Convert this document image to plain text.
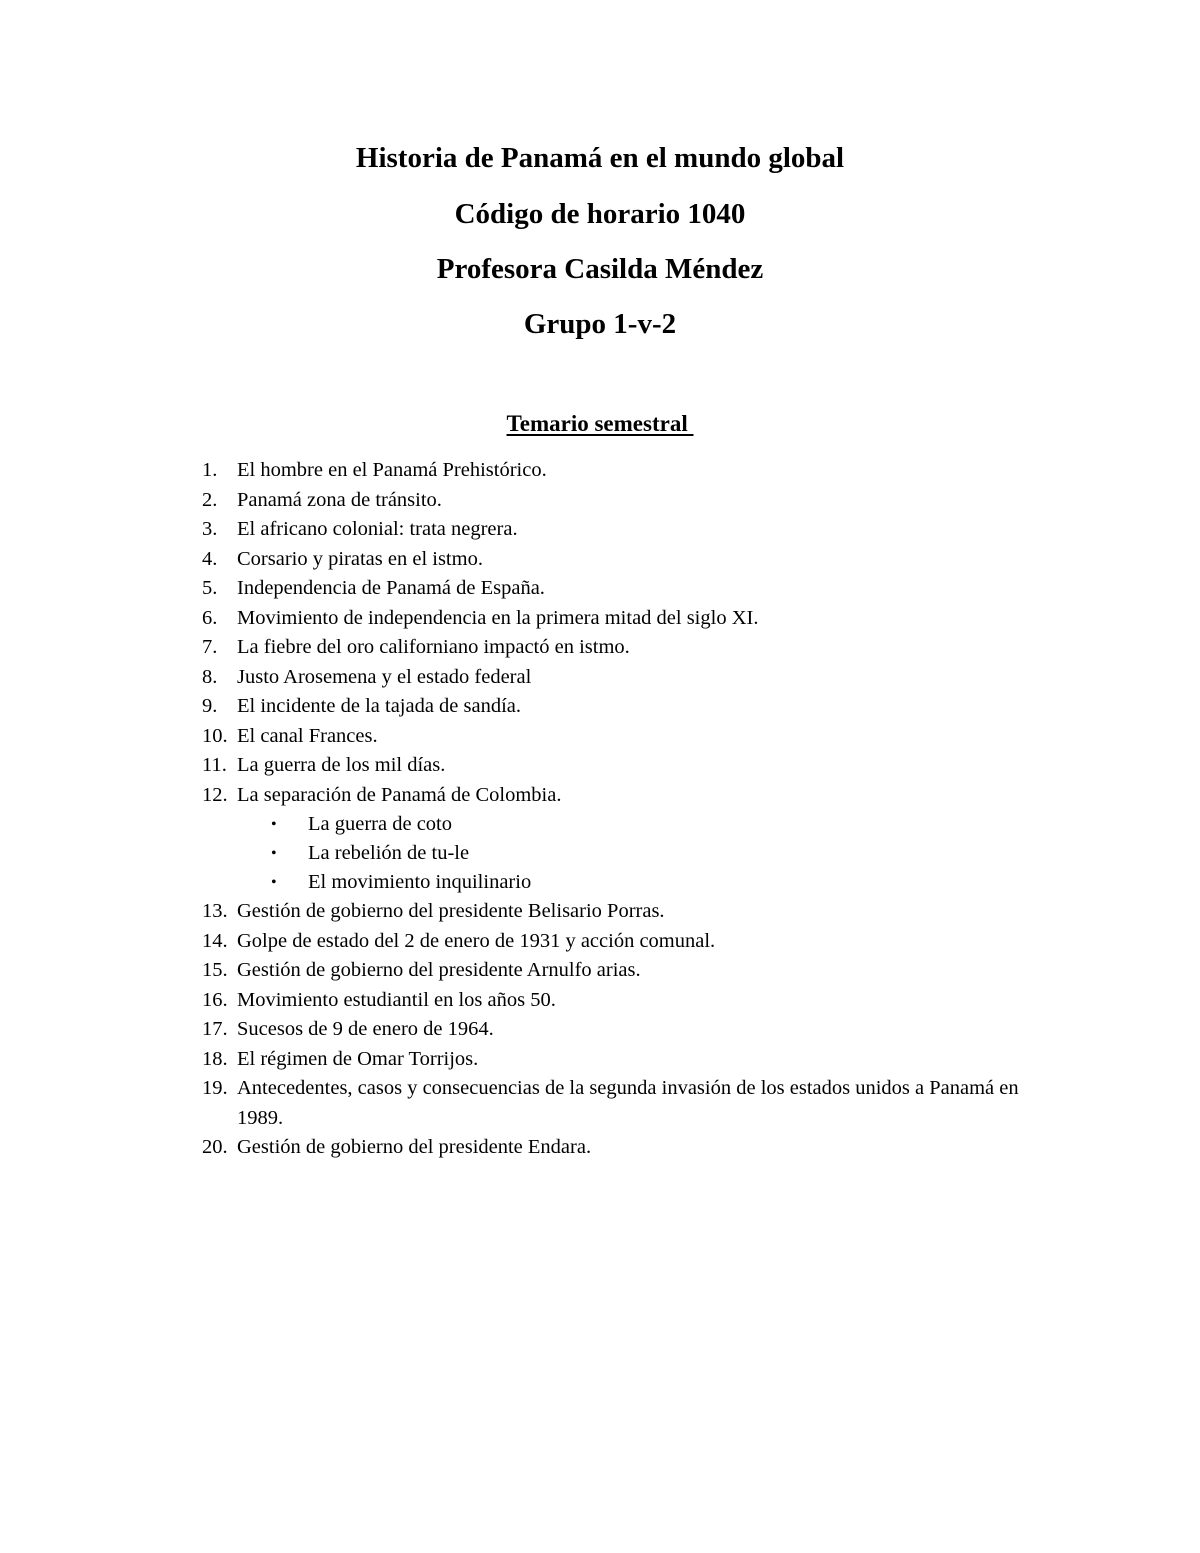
Historia de Panamá en el mundo global
Código de horario 1040
Profesora Casilda Méndez
Grupo 1-v-2
Temario semestral
1. El hombre en el Panamá Prehistórico.
2. Panamá zona de tránsito.
3. El africano colonial: trata negrera.
4. Corsario y piratas en el istmo.
5. Independencia de Panamá de España.
6. Movimiento de independencia en la primera mitad del siglo XI.
7. La fiebre del oro californiano impactó en istmo.
8. Justo Arosemena y el estado federal
9. El incidente de la tajada de sandía.
10. El canal Frances.
11. La guerra de los mil días.
12. La separación de Panamá de Colombia.
• La guerra de coto
• La rebelión de tu-le
• El movimiento inquilinario
13. Gestión de gobierno del presidente Belisario Porras.
14. Golpe de estado del 2 de enero de 1931 y acción comunal.
15. Gestión de gobierno del presidente Arnulfo arias.
16. Movimiento estudiantil en los años 50.
17. Sucesos de 9 de enero de 1964.
18. El régimen de Omar Torrijos.
19. Antecedentes, casos y consecuencias de la segunda invasión de los estados unidos a Panamá en 1989.
20. Gestión de gobierno del presidente Endara.
